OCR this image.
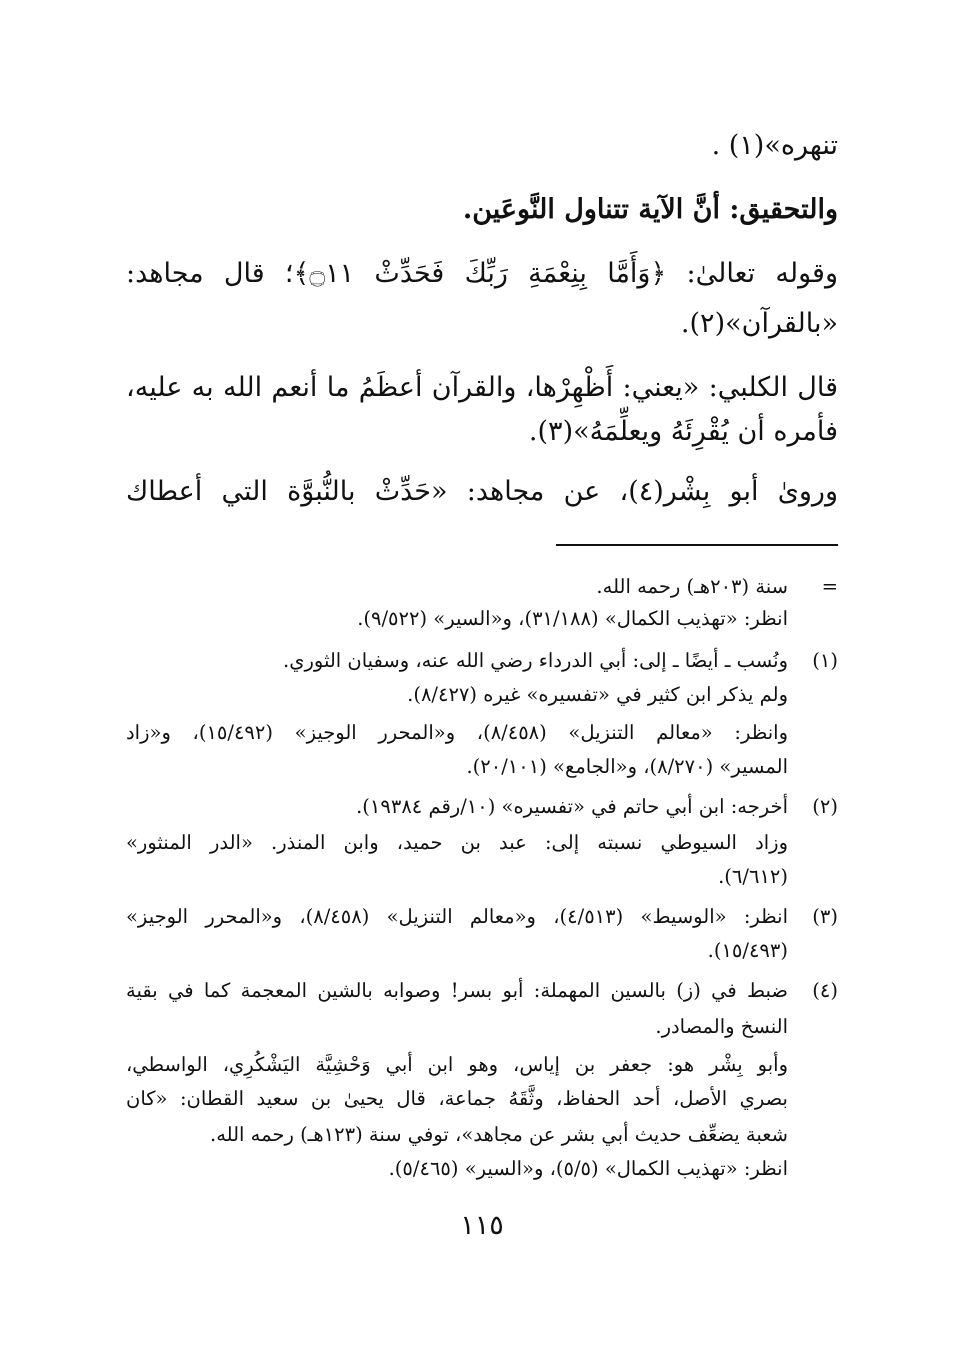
تنهره»(١) .
والتحقيق: أنَّ الآية تتناول النَّوعَين.
وقوله تعالىٰ: ﴿وَأَمَّا بِنِعْمَةِ رَبِّكَ فَحَدِّثْ ۝١١﴾؛ قال مجاهد:
«بالقرآن»(٢).
قال الكلبي: «يعني: أَظْهِرْها، والقرآن أعظَمُ ما أنعم الله به عليه،
فأمره أن يُقْرِئَهُ ويعلِّمَهُ»(٣).
وروىٰ أبو بِشْر(٤)، عن مجاهد: «حَدِّثْ بالنُّبوَّة التي أعطاك
=
سنة (٢٠٣هـ) رحمه الله.
انظر: «تهذيب الكمال» (٣١/١٨٨)، و«السير» (٩/٥٢٢).
(١)
ونُسب ـ أيضًا ـ إلى: أبي الدرداء رضي الله عنه، وسفيان الثوري.
ولم يذكر ابن كثير في «تفسيره» غيره (٨/٤٢٧).
وانظر: «معالم التنزيل» (٨/٤٥٨)، و«المحرر الوجيز» (١٥/٤٩٢)، و«زاد
المسير» (٨/٢٧٠)، و«الجامع» (٢٠/١٠١).
(٢)
أخرجه: ابن أبي حاتم في «تفسيره» (١٠/رقم ١٩٣٨٤).
وزاد السيوطي نسبته إلى: عبد بن حميد، وابن المنذر. «الدر المنثور»
(٦/٦١٢).
(٣)
انظر: «الوسيط» (٤/٥١٣)، و«معالم التنزيل» (٨/٤٥٨)، و«المحرر الوجيز»
(١٥/٤٩٣).
(٤)
ضبط في (ز) بالسين المهملة: أبو بسر! وصوابه بالشين المعجمة كما في بقية
النسخ والمصادر.
وأبو بِشْر هو: جعفر بن إياس، وهو ابن أبي وَحْشِيَّة اليَشْكُرِي، الواسطي،
بصري الأصل، أحد الحفاظ، وثَّقَهُ جماعة، قال يحيىٰ بن سعيد القطان: «كان
شعبة يضعِّف حديث أبي بشر عن مجاهد»، توفي سنة (١٢٣هـ) رحمه الله.
انظر: «تهذيب الكمال» (٥/٥)، و«السير» (٥/٤٦٥).
١١٥
